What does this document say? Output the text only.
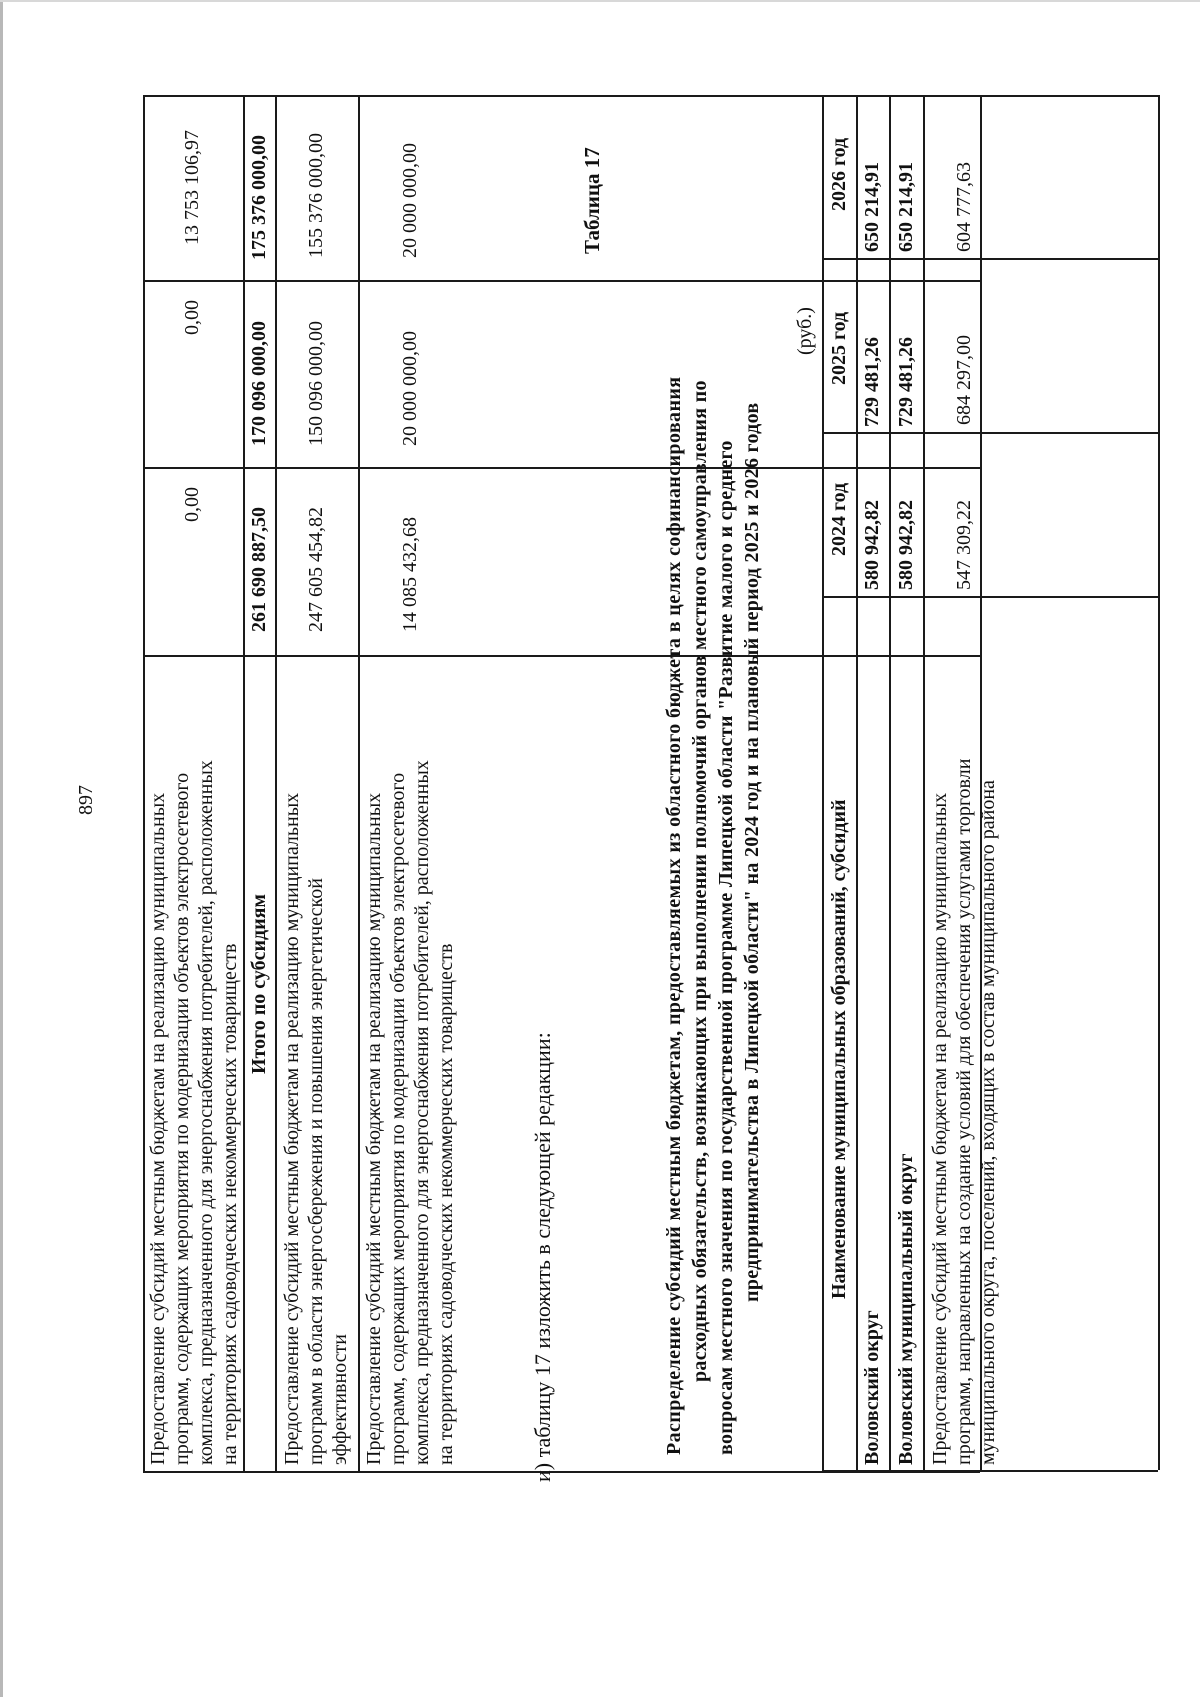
897	Предоставление субсидий местным бюджетам на реализацию муниципальных программ, содержащих мероприятия по модернизации объектов электросетевого комплекса, предназначенного для энергоснабжения потребителей, расположенных на территориях садоводческих некоммерческих товариществ
0,00
0,00
13 753 106,97
Итого по субсидиям
261 690 887,50
170 096 000,00
175 376 000,00
Предоставление субсидий местным бюджетам на реализацию муниципальных программ в области энергосбережения и повышения энергетической эффективности
247 605 454,82
150 096 000,00
155 376 000,00
Предоставление субсидий местным бюджетам на реализацию муниципальных программ, содержащих мероприятия по модернизации объектов электросетевого комплекса, предназначенного для энергоснабжения потребителей, расположенных на территориях садоводческих некоммерческих товариществ
14 085 432,68
20 000 000,00
20 000 000,00
и) таблицу 17 изложить в следующей редакции:
Таблица 17
Распределение субсидий местным бюджетам, предоставляемых из областного бюджета в целях софинансирования расходных обязательств, возникающих при выполнении полномочий органов местного самоуправления по вопросам местного значения по государственной программе Липецкой области "Развитие малого и среднего предпринимательства в Липецкой области" на 2024 год и на плановый период 2025 и 2026 годов
(руб.)
Наименование муниципальных образований, субсидий
2024 год
2025 год
2026 год
Воловский округ
580 942,82
729 481,26
650 214,91
Воловский муниципальный округ
580 942,82
729 481,26
650 214,91
Предоставление субсидий местным бюджетам на реализацию муниципальных программ, направленных на создание условий для обеспечения услугами торговли муниципального округа, поселений, входящих в состав муниципального района
547 309,22
684 297,00
604 777,63
